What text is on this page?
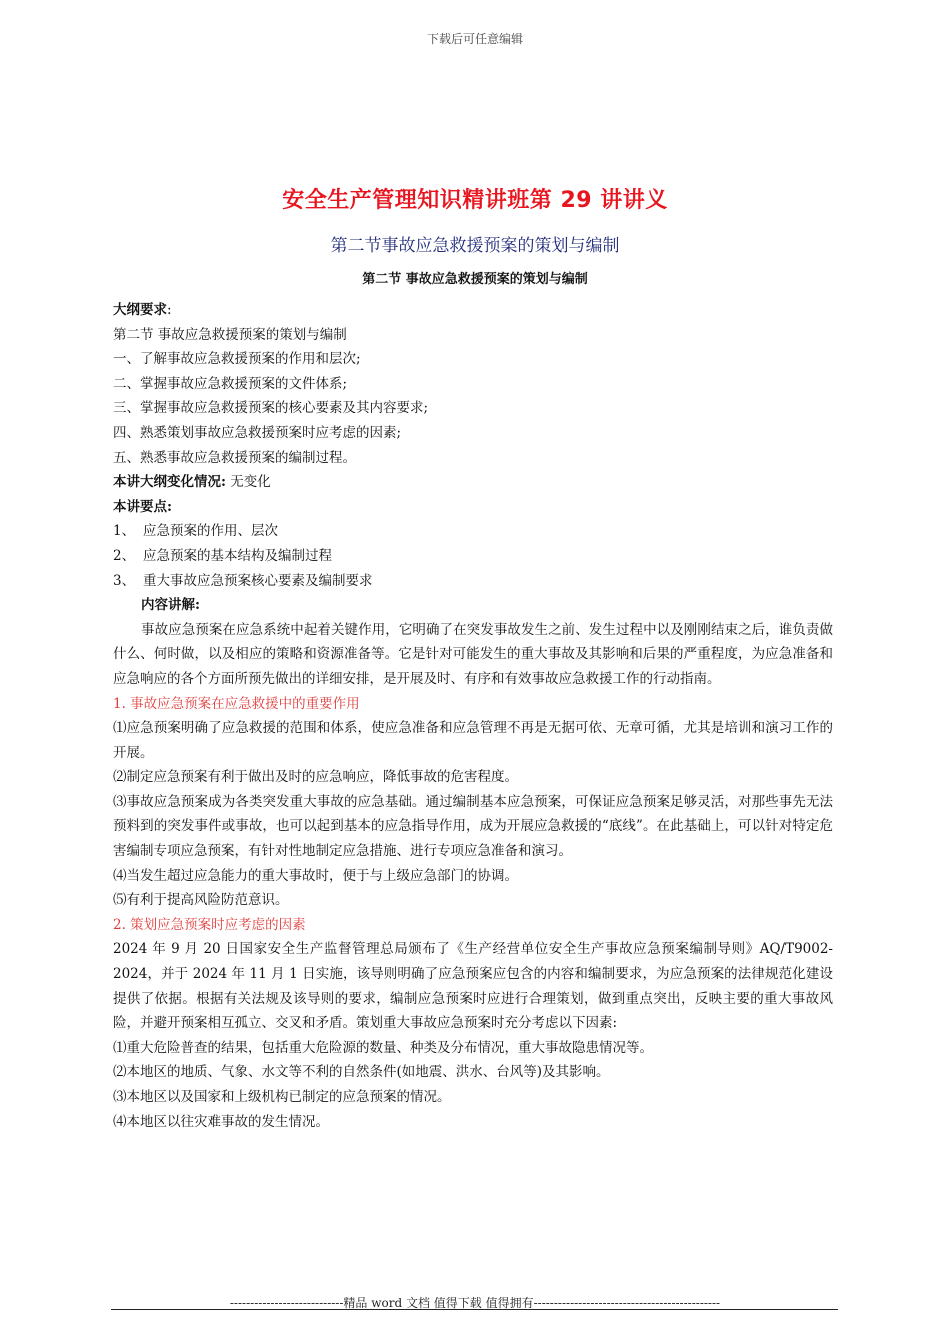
下载后可任意编辑
安全生产管理知识精讲班第 29 讲讲义
第二节事故应急救援预案的策划与编制
第二节 事故应急救援预案的策划与编制

大纲要求:

第二节 事故应急救援预案的策划与编制

一、了解事故应急救援预案的作用和层次;

二、掌握事故应急救援预案的文件体系;

三、掌握事故应急救援预案的核心要素及其内容要求;

四、熟悉策划事故应急救援预案时应考虑的因素;

五、熟悉事故应急救援预案的编制过程。

本讲大纲变化情况: 无变化

本讲要点:

1、 应急预案的作用、层次

2、 应急预案的基本结构及编制过程

3、 重大事故应急预案核心要素及编制要求

内容讲解:

事故应急预案在应急系统中起着关键作用，它明确了在突发事故发生之前、发生过程中以及刚刚结束之后，谁负责做什么、何时做，以及相应的策略和资源准备等。它是针对可能发生的重大事故及其影响和后果的严重程度，为应急准备和应急响应的各个方面所预先做出的详细安排，是开展及时、有序和有效事故应急救援工作的行动指南。

1. 事故应急预案在应急救援中的重要作用

⑴应急预案明确了应急救援的范围和体系，使应急准备和应急管理不再是无据可依、无章可循，尤其是培训和演习工作的开展。

⑵制定应急预案有利于做出及时的应急响应，降低事故的危害程度。

⑶事故应急预案成为各类突发重大事故的应急基础。通过编制基本应急预案，可保证应急预案足够灵活，对那些事先无法预料到的突发事件或事故，也可以起到基本的应急指导作用，成为开展应急救援的“底线”。在此基础上，可以针对特定危害编制专项应急预案，有针对性地制定应急措施、进行专项应急准备和演习。

⑷当发生超过应急能力的重大事故时，便于与上级应急部门的协调。

⑸有利于提高风险防范意识。

2. 策划应急预案时应考虑的因素

2024 年 9 月 20 日国家安全生产监督管理总局颁布了《生产经营单位安全生产事故应急预案编制导则》AQ/T9002-2024，并于 2024 年 11 月 1 日实施，该导则明确了应急预案应包含的内容和编制要求，为应急预案的法律规范化建设提供了依据。根据有关法规及该导则的要求，编制应急预案时应进行合理策划，做到重点突出，反映主要的重大事故风险，并避开预案相互孤立、交叉和矛盾。策划重大事故应急预案时充分考虑以下因素:

⑴重大危险普查的结果，包括重大危险源的数量、种类及分布情况，重大事故隐患情况等。

⑵本地区的地质、气象、水文等不利的自然条件(如地震、洪水、台风等)及其影响。

⑶本地区以及国家和上级机构已制定的应急预案的情况。

⑷本地区以往灾难事故的发生情况。

----------------------------精品 word 文档 值得下载 值得拥有----------------------------------------------
